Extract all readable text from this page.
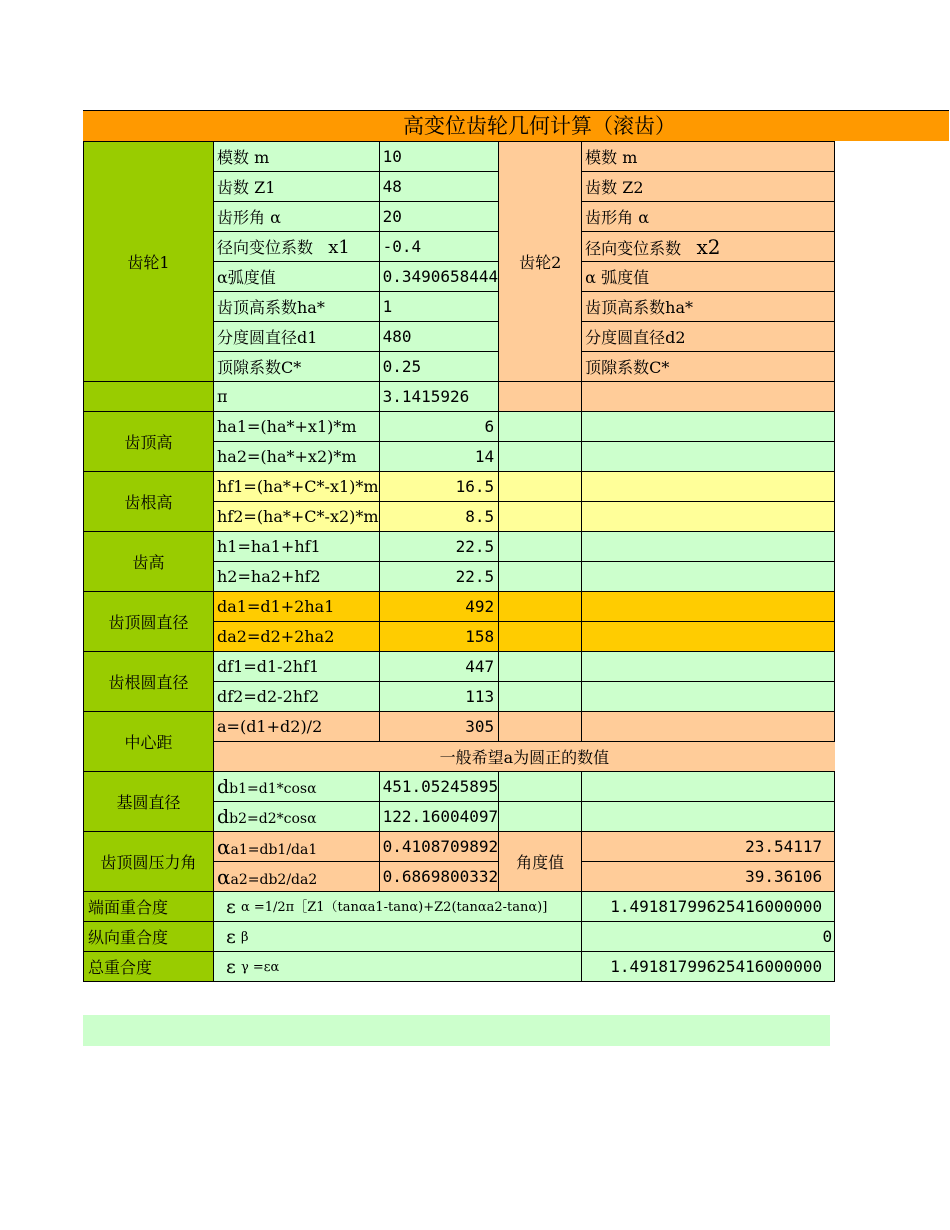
高变位齿轮几何计算（滚齿）
齿轮1	模数 m	10	齿轮2	模数 m
	齿数 Z1	48		齿数 Z2
	齿形角 α	20		齿形角 α
	径向变位系数 x1	-0.4		径向变位系数 x2
	α弧度值	0.3490658444		α 弧度值
	齿顶高系数ha*	1		齿顶高系数ha*
	分度圆直径d1	480		分度圆直径d2
	顶隙系数C*	0.25		顶隙系数C*
	π	3.1415926		
齿顶高	ha1=(ha*+x1)*m	6		
	ha2=(ha*+x2)*m	14		
齿根高	hf1=(ha*+C*-x1)*m	16.5		
	hf2=(ha*+C*-x2)*m	8.5		
齿高	h1=ha1+hf1	22.5		
	h2=ha2+hf2	22.5		
齿顶圆直径	da1=d1+2ha1	492		
	da2=d2+2ha2	158		
齿根圆直径	df1=d1-2hf1	447		
	df2=d2-2hf2	113		
中心距	a=(d1+d2)/2	305		
	一般希望a为圆正的数值			
基圆直径	db1=d1*cosα	451.05245895		
	db2=d2*cosα	122.16004097		
齿顶圆压力角	αa1=db1/da1	0.4108709892	角度值	23.54117
	αa2=db2/da2	0.6869800332		39.36106
端面重合度	ε α =1/2π［Z1（tanαa1-tanα)+Z2(tanαa2-tanα)]			1.49181799625416000000
纵向重合度	ε β			0
总重合度	ε γ =εα			1.49181799625416000000
